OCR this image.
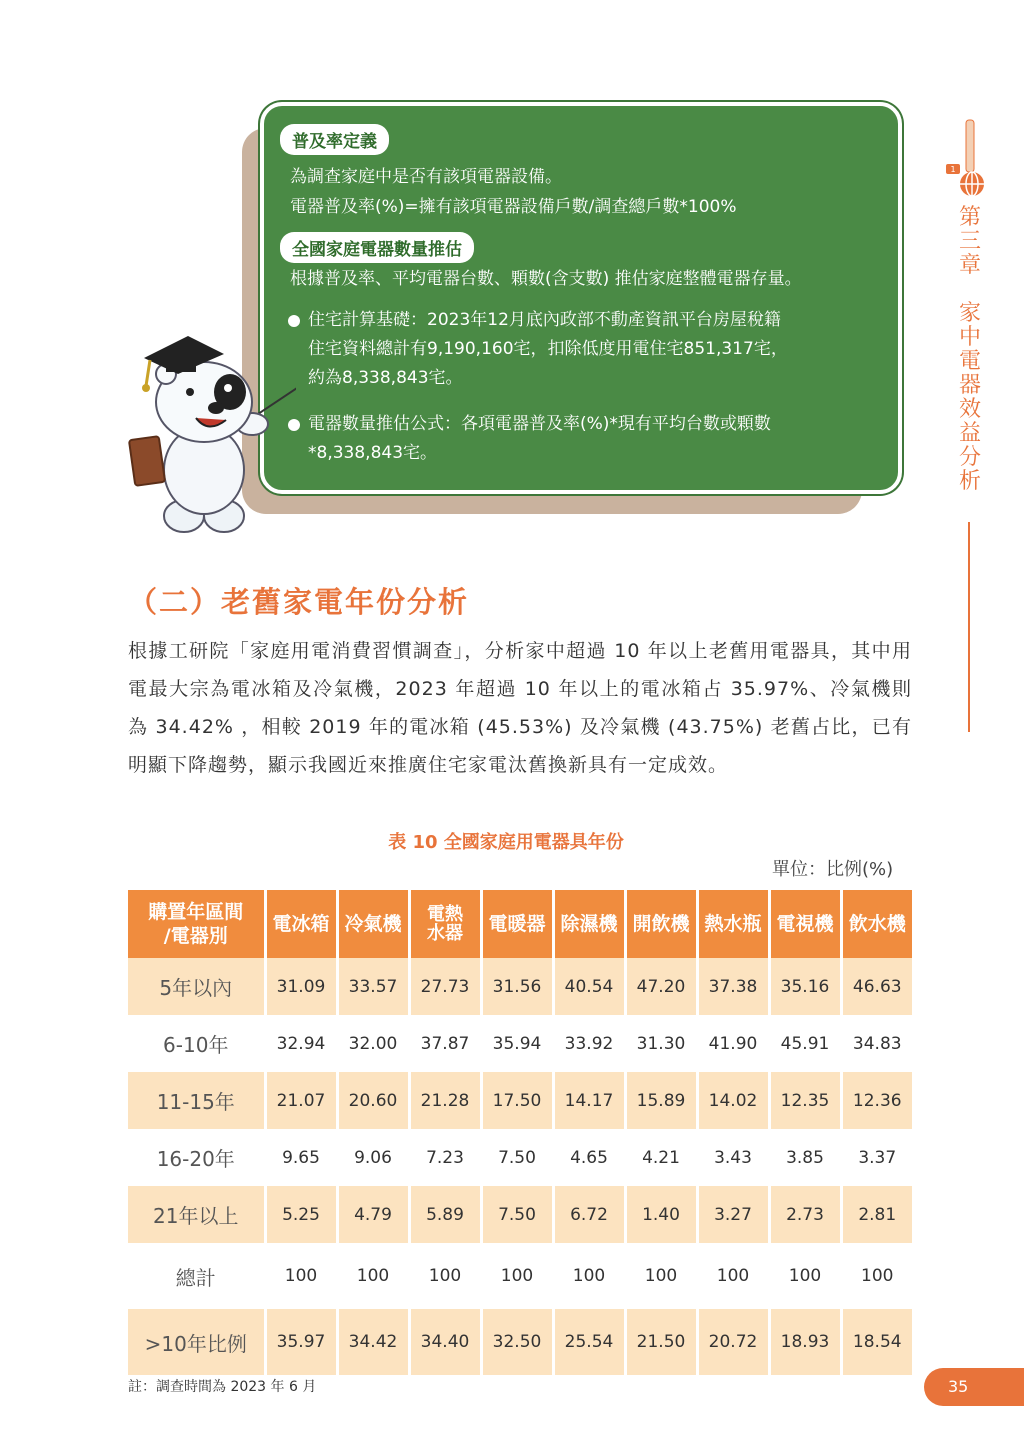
普及率定義
為調查家庭中是否有該項電器設備。
電器普及率(%)=擁有該項電器設備戶數/調查總戶數*100%
全國家庭電器數量推估
根據普及率、平均電器台數、顆數(含支數) 推估家庭整體電器存量。
住宅計算基礎：2023年12月底內政部不動產資訊平台房屋稅籍
住宅資料總計有9,190,160宅，扣除低度用電住宅851,317宅，
約為8,338,843宅。
電器數量推估公式：各項電器普及率(%)*現有平均台數或顆數
*8,338,843宅。
1
第
三
章

家
中
電
器
效
益
分
析
（二）老舊家電年份分析
根據工研院「家庭用電消費習慣調查」，分析家中超過 10 年以上老舊用電器具，其中用電最大宗為電冰箱及冷氣機，2023 年超過 10 年以上的電冰箱占 35.97%、冷氣機則為 34.42% ，相較 2019 年的電冰箱 (45.53%) 及冷氣機 (43.75%) 老舊占比，已有明顯下降趨勢，顯示我國近來推廣住宅家電汰舊換新具有一定成效。
表 10 全國家庭用電器具年份
單位：比例(%)
購置年區間
/電器別	電冰箱	冷氣機	電熱水器	電暖器	除濕機	開飲機	熱水瓶	電視機	飲水機
5年以內	31.09	33.57	27.73	31.56	40.54	47.20	37.38	35.16	46.63
6-10年	32.94	32.00	37.87	35.94	33.92	31.30	41.90	45.91	34.83
11-15年	21.07	20.60	21.28	17.50	14.17	15.89	14.02	12.35	12.36
16-20年	9.65	9.06	7.23	7.50	4.65	4.21	3.43	3.85	3.37
21年以上	5.25	4.79	5.89	7.50	6.72	1.40	3.27	2.73	2.81
總計	100	100	100	100	100	100	100	100	100
>10年比例	35.97	34.42	34.40	32.50	25.54	21.50	20.72	18.93	18.54
註：調查時間為 2023 年 6 月	35
